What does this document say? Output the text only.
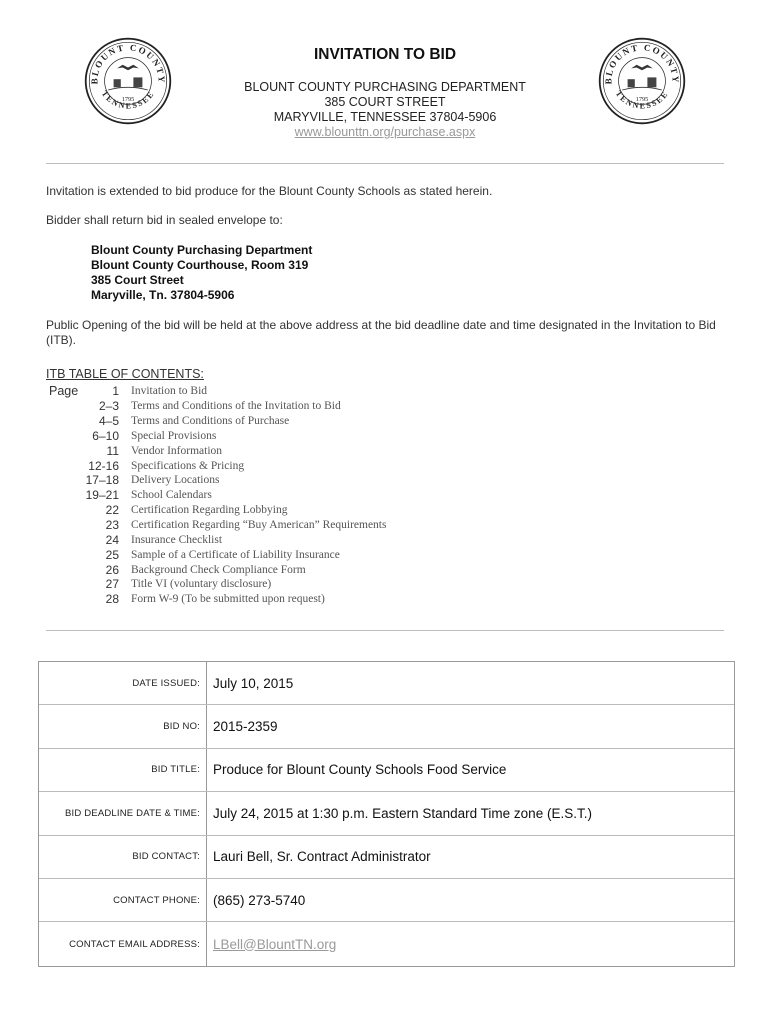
BLOUNT COUNTY
TENNESSEE
1795
BLOUNT COUNTY
TENNESSEE
1795
INVITATION TO BID
BLOUNT COUNTY PURCHASING DEPARTMENT
385 COURT STREET
MARYVILLE, TENNESSEE 37804-5906
www.blounttn.org/purchase.aspx
Invitation is extended to bid produce for the Blount County Schools as stated herein.
Bidder shall return bid in sealed envelope to:
Blount County Purchasing Department
Blount County Courthouse, Room 319
385 Court Street
Maryville, Tn. 37804-5906
Public Opening of the bid will be held at the above address at the bid deadline date and time designated in the Invitation to Bid (ITB).
ITB TABLE OF CONTENTS:
Page	1 Invitation to Bid
2–3 Terms and Conditions of the Invitation to Bid
4–5 Terms and Conditions of Purchase
6–10 Special Provisions
11 Vendor Information
12-16 Specifications & Pricing
17–18 Delivery Locations
19–21 School Calendars
22 Certification Regarding Lobbying
23 Certification Regarding “Buy American” Requirements
24 Insurance Checklist
25 Sample of a Certificate of Liability Insurance
26 Background Check Compliance Form
27 Title VI (voluntary disclosure)
28 Form W-9 (To be submitted upon request)
DATE ISSUED: July 10, 2015
BID NO: 2015-2359
BID TITLE: Produce for Blount County Schools Food Service
BID DEADLINE DATE & TIME: July 24, 2015 at 1:30 p.m. Eastern Standard Time zone (E.S.T.)
BID CONTACT: Lauri Bell, Sr. Contract Administrator
CONTACT PHONE: (865) 273-5740
CONTACT EMAIL ADDRESS: LBell@BlountTN.org
